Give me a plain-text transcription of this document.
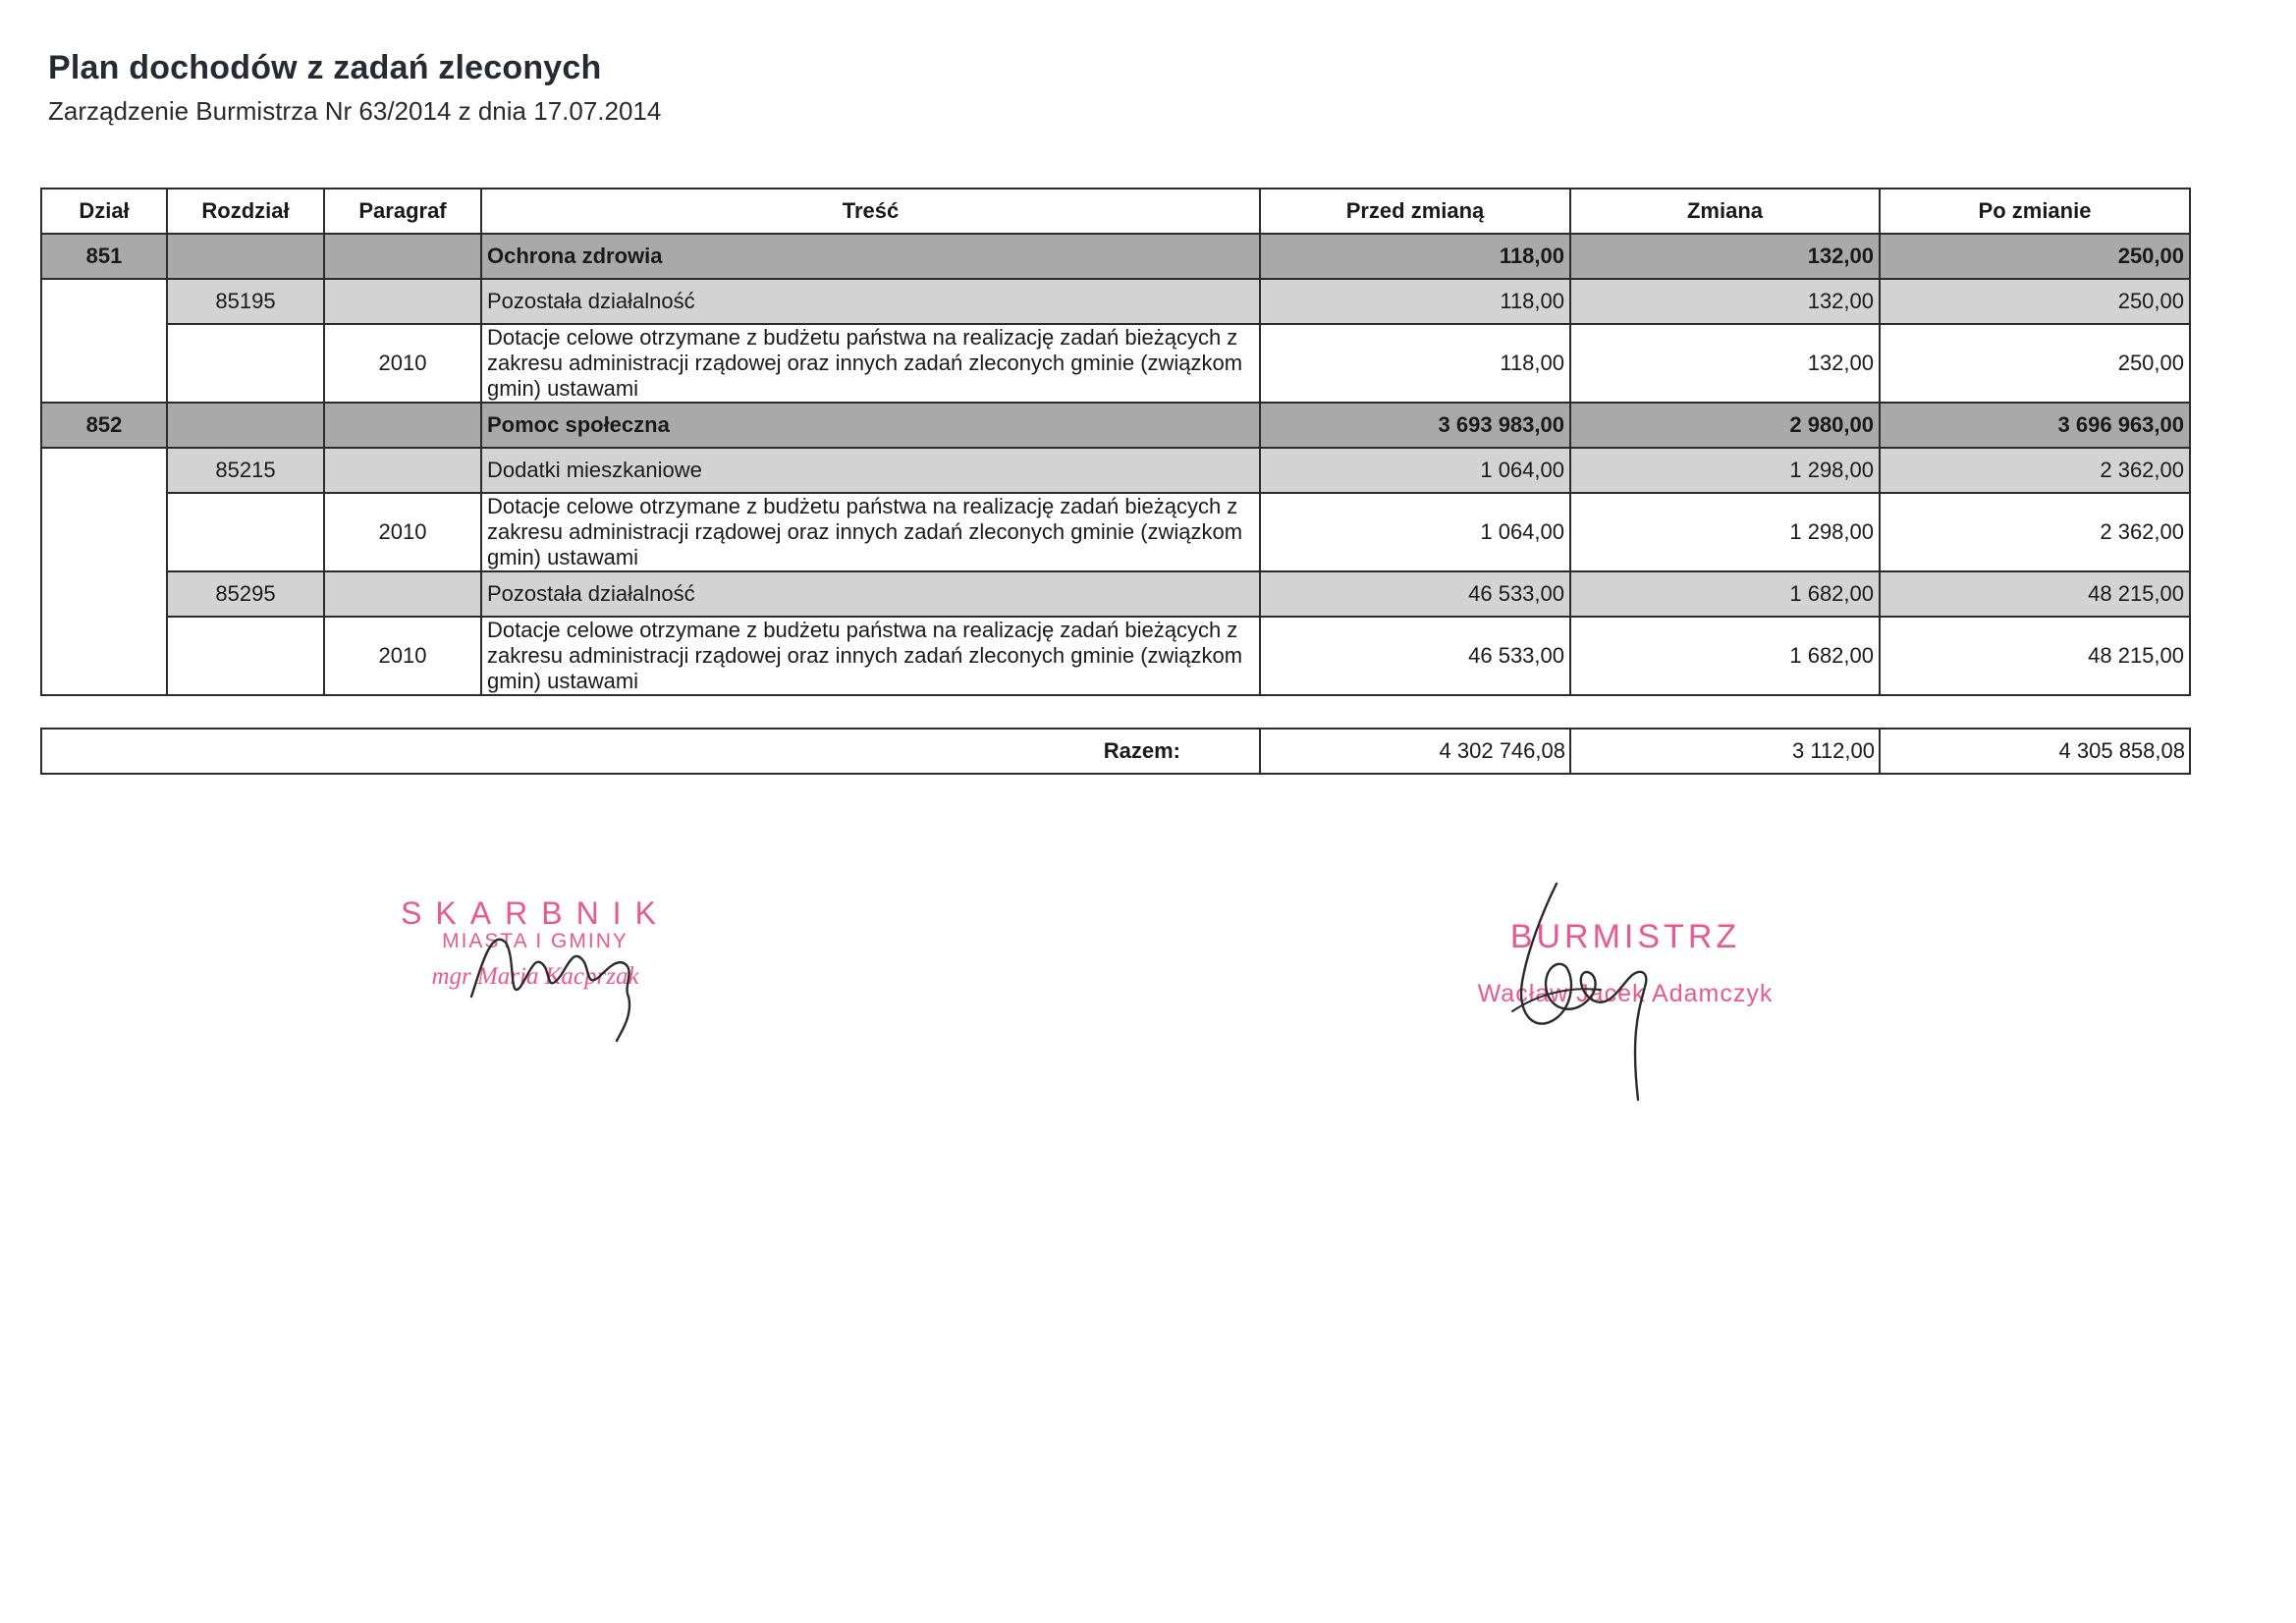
Plan dochodów z zadań zleconych
Zarządzenie Burmistrza Nr 63/2014 z dnia 17.07.2014
Dział	Rozdział	Paragraf	Treść	Przed zmianą	Zmiana	Po zmianie
851			Ochrona zdrowia	118,00	132,00	250,00
	85195		Pozostała działalność	118,00	132,00	250,00
		2010	Dotacje celowe otrzymane z budżetu państwa na realizację zadań bieżących z zakresu administracji rządowej oraz innych zadań zleconych gminie (związkom gmin) ustawami	118,00	132,00	250,00
852			Pomoc społeczna	3 693 983,00	2 980,00	3 696 963,00
	85215		Dodatki mieszkaniowe	1 064,00	1 298,00	2 362,00
		2010	Dotacje celowe otrzymane z budżetu państwa na realizację zadań bieżących z zakresu administracji rządowej oraz innych zadań zleconych gminie (związkom gmin) ustawami	1 064,00	1 298,00	2 362,00
	85295		Pozostała działalność	46 533,00	1 682,00	48 215,00
		2010	Dotacje celowe otrzymane z budżetu państwa na realizację zadań bieżących z zakresu administracji rządowej oraz innych zadań zleconych gminie (związkom gmin) ustawami	46 533,00	1 682,00	48 215,00
Razem:	4 302 746,08	3 112,00	4 305 858,08
SKARBNIK
MIASTA I GMINY
mgr Maria Kacprzak
BURMISTRZ
Wacław Jacek Adamczyk
